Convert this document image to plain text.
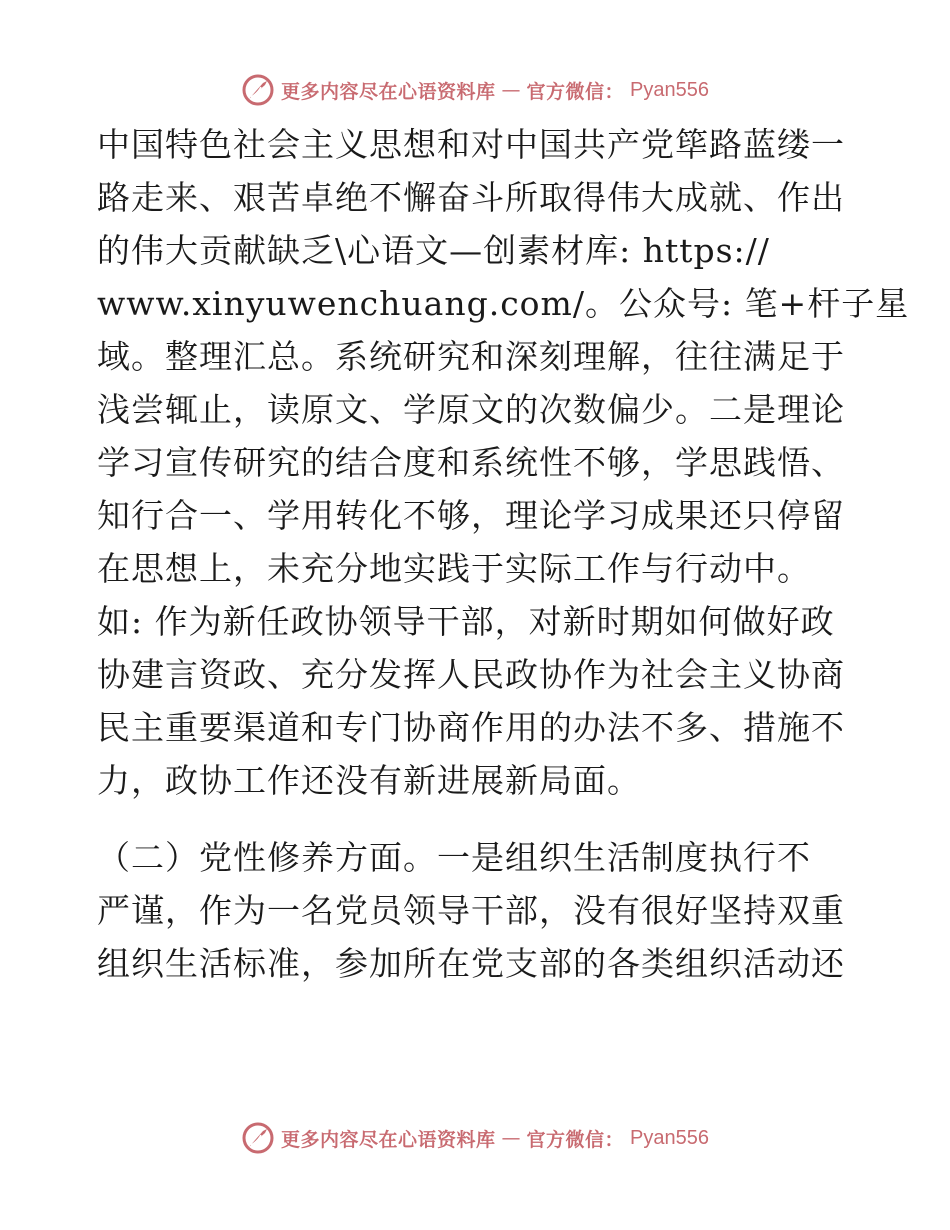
更多内容尽在心语资料库 — 官方微信： Pyan556
中国特色社会主义思想和对中国共产党筚路蓝缕一
路走来、艰苦卓绝不懈奋斗所取得伟大成就、作出
的伟大贡献缺乏\心语文—创素材库: https://
www.xinyuwenchuang.com/。公众号: 笔+杆子星
域。整理汇总。系统研究和深刻理解，往往满足于
浅尝辄止，读原文、学原文的次数偏少。二是理论
学习宣传研究的结合度和系统性不够，学思践悟、
知行合一、学用转化不够，理论学习成果还只停留
在思想上，未充分地实践于实际工作与行动中。
如: 作为新任政协领导干部，对新时期如何做好政
协建言资政、充分发挥人民政协作为社会主义协商
民主重要渠道和专门协商作用的办法不多、措施不
力，政协工作还没有新进展新局面。
（二）党性修养方面。一是组织生活制度执行不
严谨，作为一名党员领导干部，没有很好坚持双重
组织生活标准，参加所在党支部的各类组织活动还
更多内容尽在心语资料库 — 官方微信： Pyan556
